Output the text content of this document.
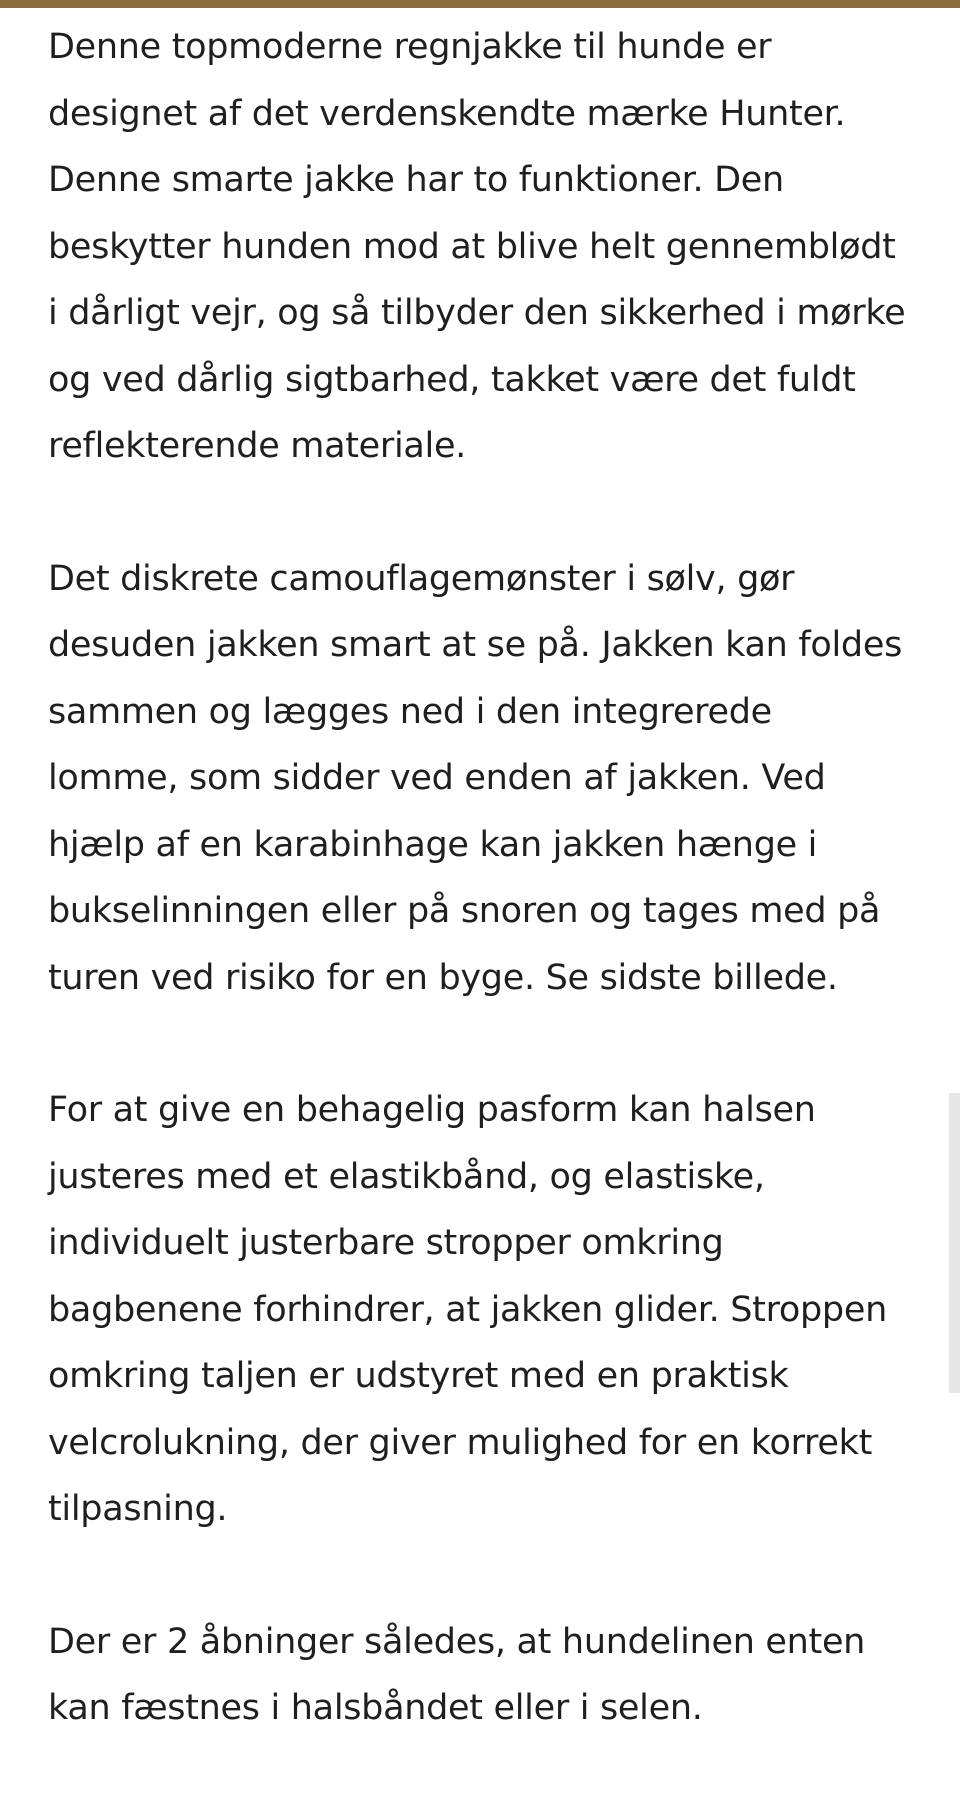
Denne topmoderne regnjakke til hunde er
designet af det verdenskendte mærke Hunter.
Denne smarte jakke har to funktioner. Den
beskytter hunden mod at blive helt gennemblødt
i dårligt vejr, og så tilbyder den sikkerhed i mørke
og ved dårlig sigtbarhed, takket være det fuldt
reflekterende materiale.

Det diskrete camouflagemønster i sølv, gør
desuden jakken smart at se på. Jakken kan foldes
sammen og lægges ned i den integrerede
lomme, som sidder ved enden af jakken. Ved
hjælp af en karabinhage kan jakken hænge i
bukselinningen eller på snoren og tages med på
turen ved risiko for en byge. Se sidste billede.

For at give en behagelig pasform kan halsen
justeres med et elastikbånd, og elastiske,
individuelt justerbare stropper omkring
bagbenene forhindrer, at jakken glider. Stroppen
omkring taljen er udstyret med en praktisk
velcrolukning, der giver mulighed for en korrekt
tilpasning.

Der er 2 åbninger således, at hundelinen enten
kan fæstnes i halsbåndet eller i selen.
